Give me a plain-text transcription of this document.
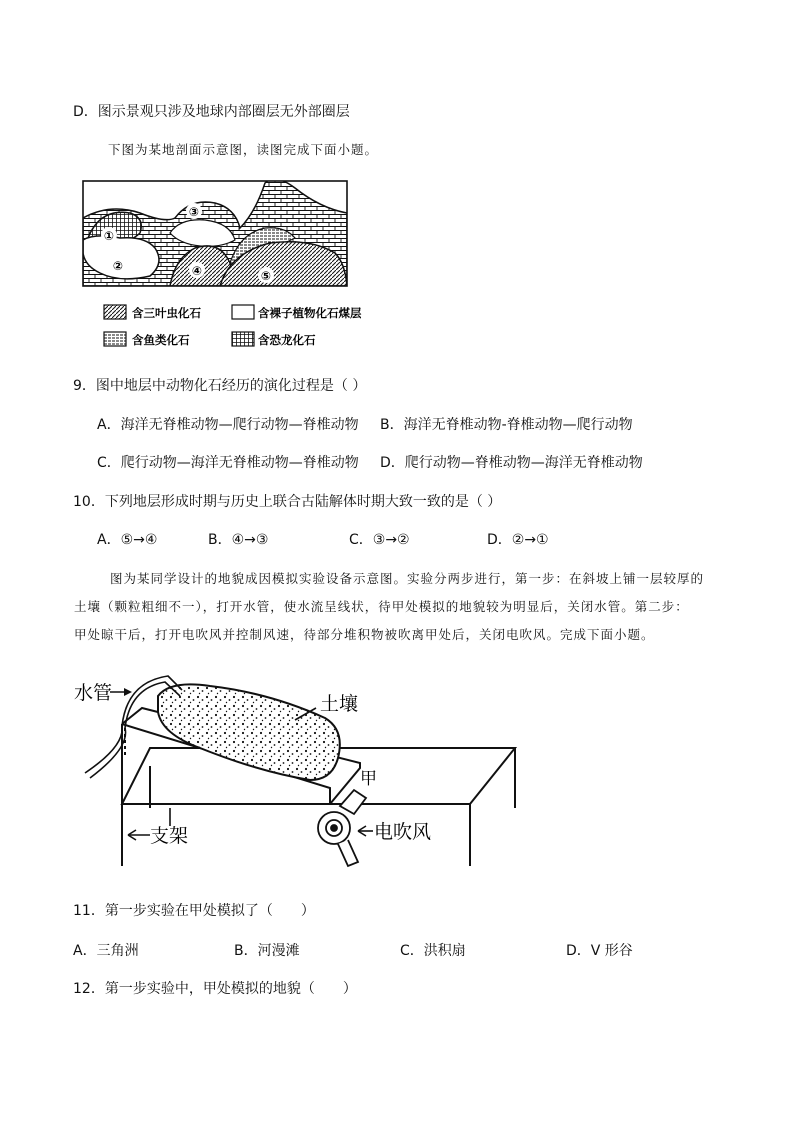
D．图示景观只涉及地球内部圈层无外部圈层
下图为某地剖面示意图，读图完成下面小题。
①
②
③
④	⑤
含三叶虫化石	含裸子植物化石煤层
含鱼类化石	含恐龙化石
9．图中地层中动物化石经历的演化过程是（ ）
A．海洋无脊椎动物—爬行动物—脊椎动物 B．海洋无脊椎动物-脊椎动物—爬行动物
C．爬行动物—海洋无脊椎动物—脊椎动物 D．爬行动物—脊椎动物—海洋无脊椎动物
10．下列地层形成时期与历史上联合古陆解体时期大致一致的是（ ）
A．⑤→④	B．④→③	C．③→②	D．②→①
图为某同学设计的地貌成因模拟实验设备示意图。实验分两步进行，第一步：在斜坡上铺一层较厚的
土壤（颗粒粗细不一），打开水管，使水流呈线状，待甲处模拟的地貌较为明显后，关闭水管。第二步：
甲处晾干后，打开电吹风并控制风速，待部分堆积物被吹离甲处后，关闭电吹风。完成下面小题。
水管	土壤
甲
支架	电吹风
11．第一步实验在甲处模拟了（　　）
A．三角洲	B．河漫滩	C．洪积扇	D．V 形谷
12．第一步实验中，甲处模拟的地貌（　　）
